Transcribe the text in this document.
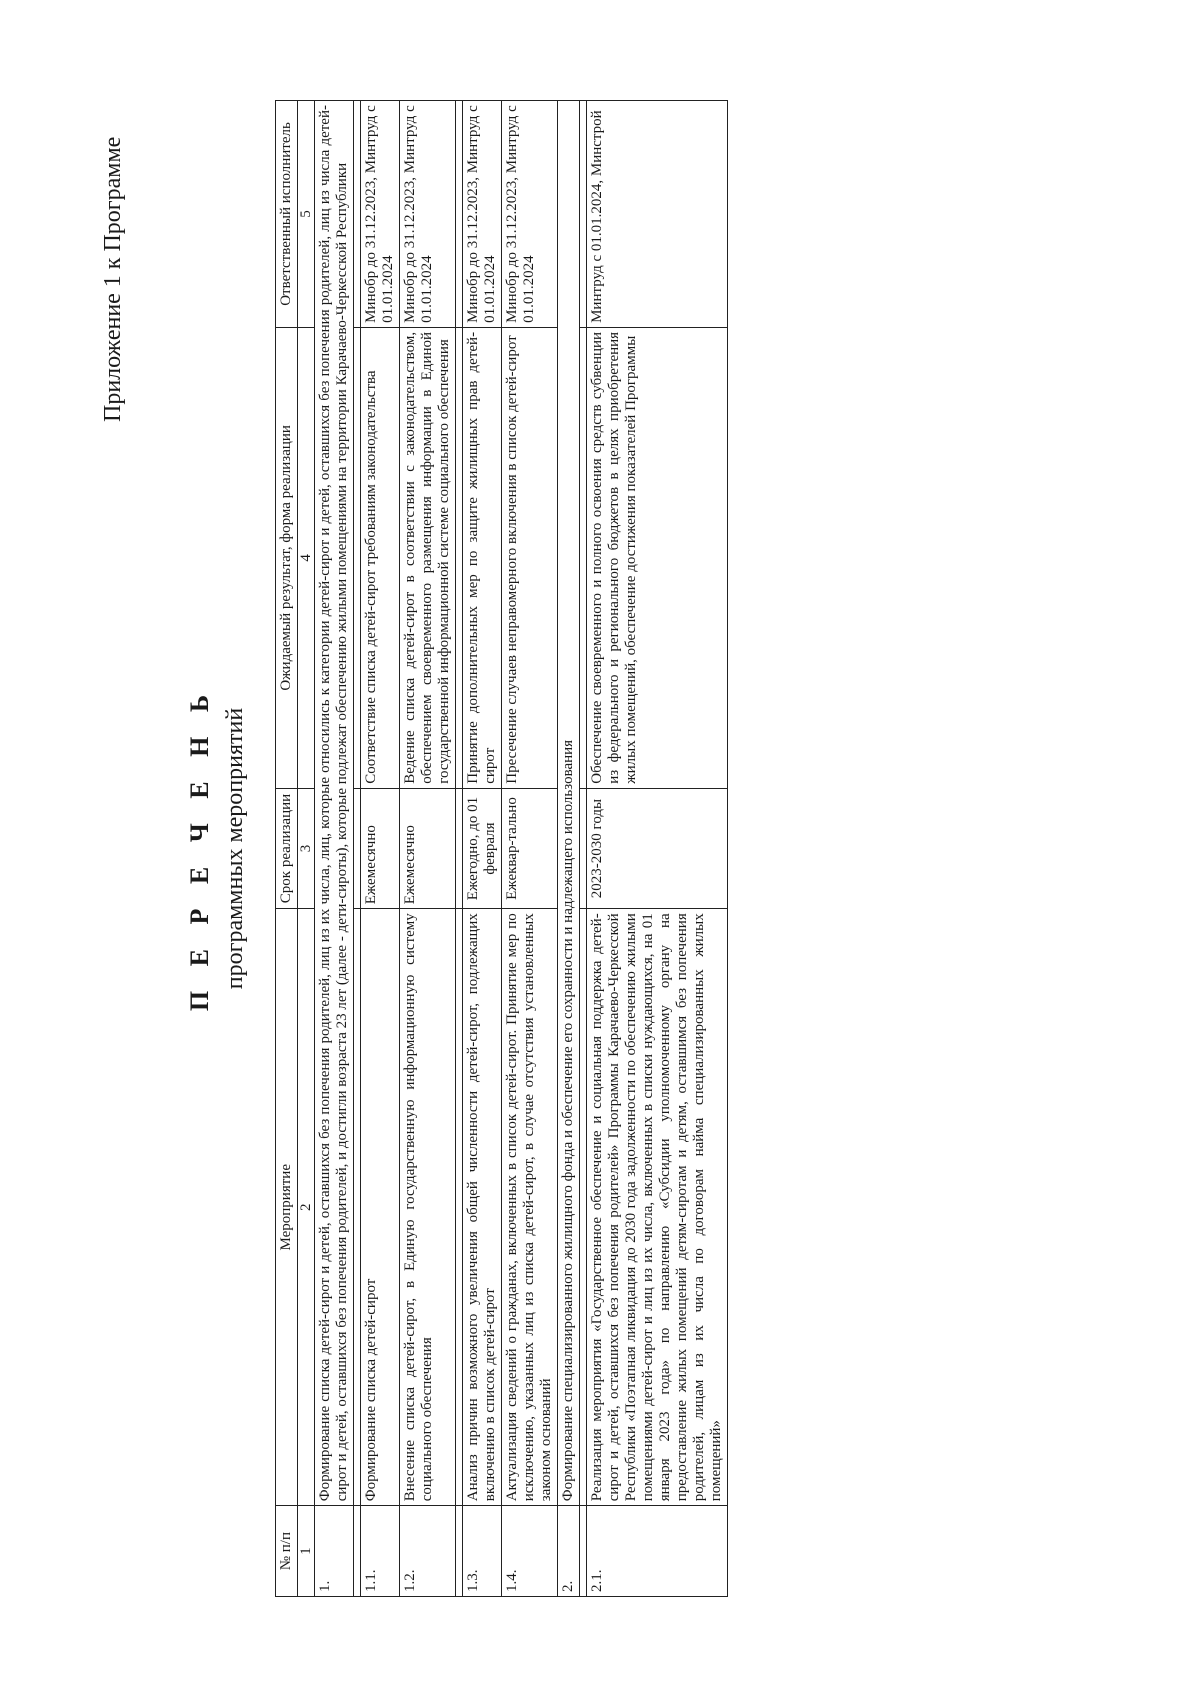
Приложение 1 к Программе
П Е Р Е Ч Е Н Ь программных мероприятий
№ п/п	Мероприятие	Срок реализации	Ожидаемый результат, форма реализации	Ответственный исполнитель
1	2	3	4	5
1.	Формирование списка детей-сирот и детей, оставшихся без попечения родителей, лиц из их числа, лиц, которые относились к категории детей-сирот и детей, оставшихся без попечения родителей, лиц из числа детей-сирот и детей, оставшихся без попечения родителей, и достигли возраста 23 лет (далее - дети-сироты), которые подлежат обеспечению жилыми помещениями на территории Карачаево-Черкесской Республики			

1.1.	Формирование списка детей-сирот	Ежемесячно	Соответствие списка детей-сирот требованиям законодательства	Минобр до 31.12.2023, Минтруд с 01.01.2024
1.2.	Внесение списка детей-сирот, в Единую государственную информационную систему социального обеспечения	Ежемесячно	Ведение списка детей-сирот в соответствии с законодательством, обеспечением своевременного размещения информации в Единой государственной информационной системе социального обеспечения	Минобр до 31.12.2023, Минтруд с 01.01.2024

1.3.	Анализ причин возможного увеличения общей численности детей-сирот, подлежащих включению в список детей-сирот	Ежегодно, до 01 февраля	Принятие дополнительных мер по защите жилищных прав детей-сирот	Минобр до 31.12.2023, Минтруд с 01.01.2024
1.4.	Актуализация сведений о гражданах, включенных в список детей-сирот. Принятие мер по исключению, указанных лиц из списка детей-сирот, в случае отсутствия установленных законом оснований	Ежеквар-тально	Пресечение случаев неправомерного включения в список детей-сирот	Минобр до 31.12.2023, Минтруд с 01.01.2024
2.	Формирование специализированного жилищного фонда и обеспечение его сохранности и надлежащего использования			

2.1.	Реализация мероприятия «Государственное обеспечение и социальная поддержка детей-сирот и детей, оставшихся без попечения родителей» Программы Карачаево-Черкесской Республики «Поэтапная ликвидация до 2030 года задолженности по обеспечению жилыми помещениями детей-сирот и лиц из их числа, включенных в списки нуждающихся, на 01 января 2023 года» по направлению «Субсидии уполномоченному органу на предоставление жилых помещений детям-сиротам и детям, оставшимся без попечения родителей, лицам из их числа по договорам найма специализированных жилых помещений»	2023-2030 годы	Обеспечение своевременного и полного освоения средств субвенции из федерального и регионального бюджетов в целях приобретения жилых помещений, обеспечение достижения показателей Программы	Минтруд с 01.01.2024, Минстрой
